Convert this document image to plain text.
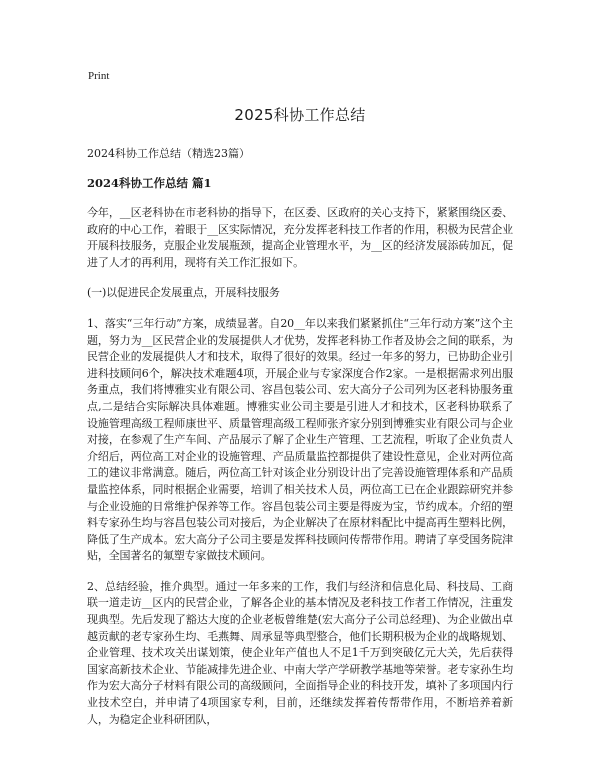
Print
2025科协工作总结
2024科协工作总结（精选23篇）
2024科协工作总结 篇1

今年，__区老科协在市老科协的指导下，在区委、区政府的关心支持下，紧紧围绕区委、政府的中心工作，着眼于__区实际情况，充分发挥老科技工作者的作用，积极为民营企业开展科技服务，克服企业发展瓶颈，提高企业管理水平，为__区的经济发展添砖加瓦，促进了人才的再利用，现将有关工作汇报如下。

(一)以促进民企发展重点，开展科技服务

1、落实“三年行动”方案，成绩显著。自20__年以来我们紧紧抓住“三年行动方案”这个主题，努力为__区民营企业的发展提供人才优势，发挥老科协工作者及协会之间的联系，为民营企业的发展提供人才和技术，取得了很好的效果。经过一年多的努力，已协助企业引进科技顾问6个，解决技术难题4项，开展企业与专家深度合作2家。一是根据需求列出服务重点，我们将博雅实业有限公司、容昌包装公司、宏大高分子公司列为区老科协服务重点,二是结合实际解决具体难题。博雅实业公司主要是引进人才和技术，区老科协联系了设施管理高级工程师康世平、质量管理高级工程师张齐家分别到博雅实业有限公司与企业对接，在参观了生产车间、产品展示了解了企业生产管理、工艺流程，听取了企业负责人介绍后，两位高工对企业的设施管理、产品质量监控都提供了建设性意见，企业对两位高工的建议非常满意。随后，两位高工针对该企业分别设计出了完善设施管理体系和产品质量监控体系，同时根据企业需要，培训了相关技术人员，两位高工已在企业跟踪研究并参与企业设施的日常维护保养等工作。容昌包装公司主要是得废为宝，节约成本。介绍的塑料专家孙生均与容昌包装公司对接后，为企业解决了在原材料配比中提高再生塑料比例，降低了生产成本。宏大高分子公司主要是发挥科技顾问传帮带作用。聘请了享受国务院津贴，全国著名的氟塑专家做技术顾问。

2、总结经验，推介典型。通过一年多来的工作，我们与经济和信息化局、科技局、工商联一道走访__区内的民营企业，了解各企业的基本情况及老科技工作者工作情况，注重发现典型。先后发现了豁达大度的企业老板曾维楚(宏大高分子公司总经理)、为企业做出卓越贡献的老专家孙生均、毛燕舞、周承显等典型整合，他们长期积极为企业的战略规划、企业管理、技术攻关出谋划策，使企业年产值也人不足1千万到突破亿元大关，先后获得国家高新技术企业、节能减排先进企业、中南大学产学研教学基地等荣誉。老专家孙生均作为宏大高分子材料有限公司的高级顾问，全面指导企业的科技开发，填补了多项国内行业技术空白，并申请了4项国家专利，目前，还继续发挥着传帮带作用，不断培养着新人，为稳定企业科研团队，
